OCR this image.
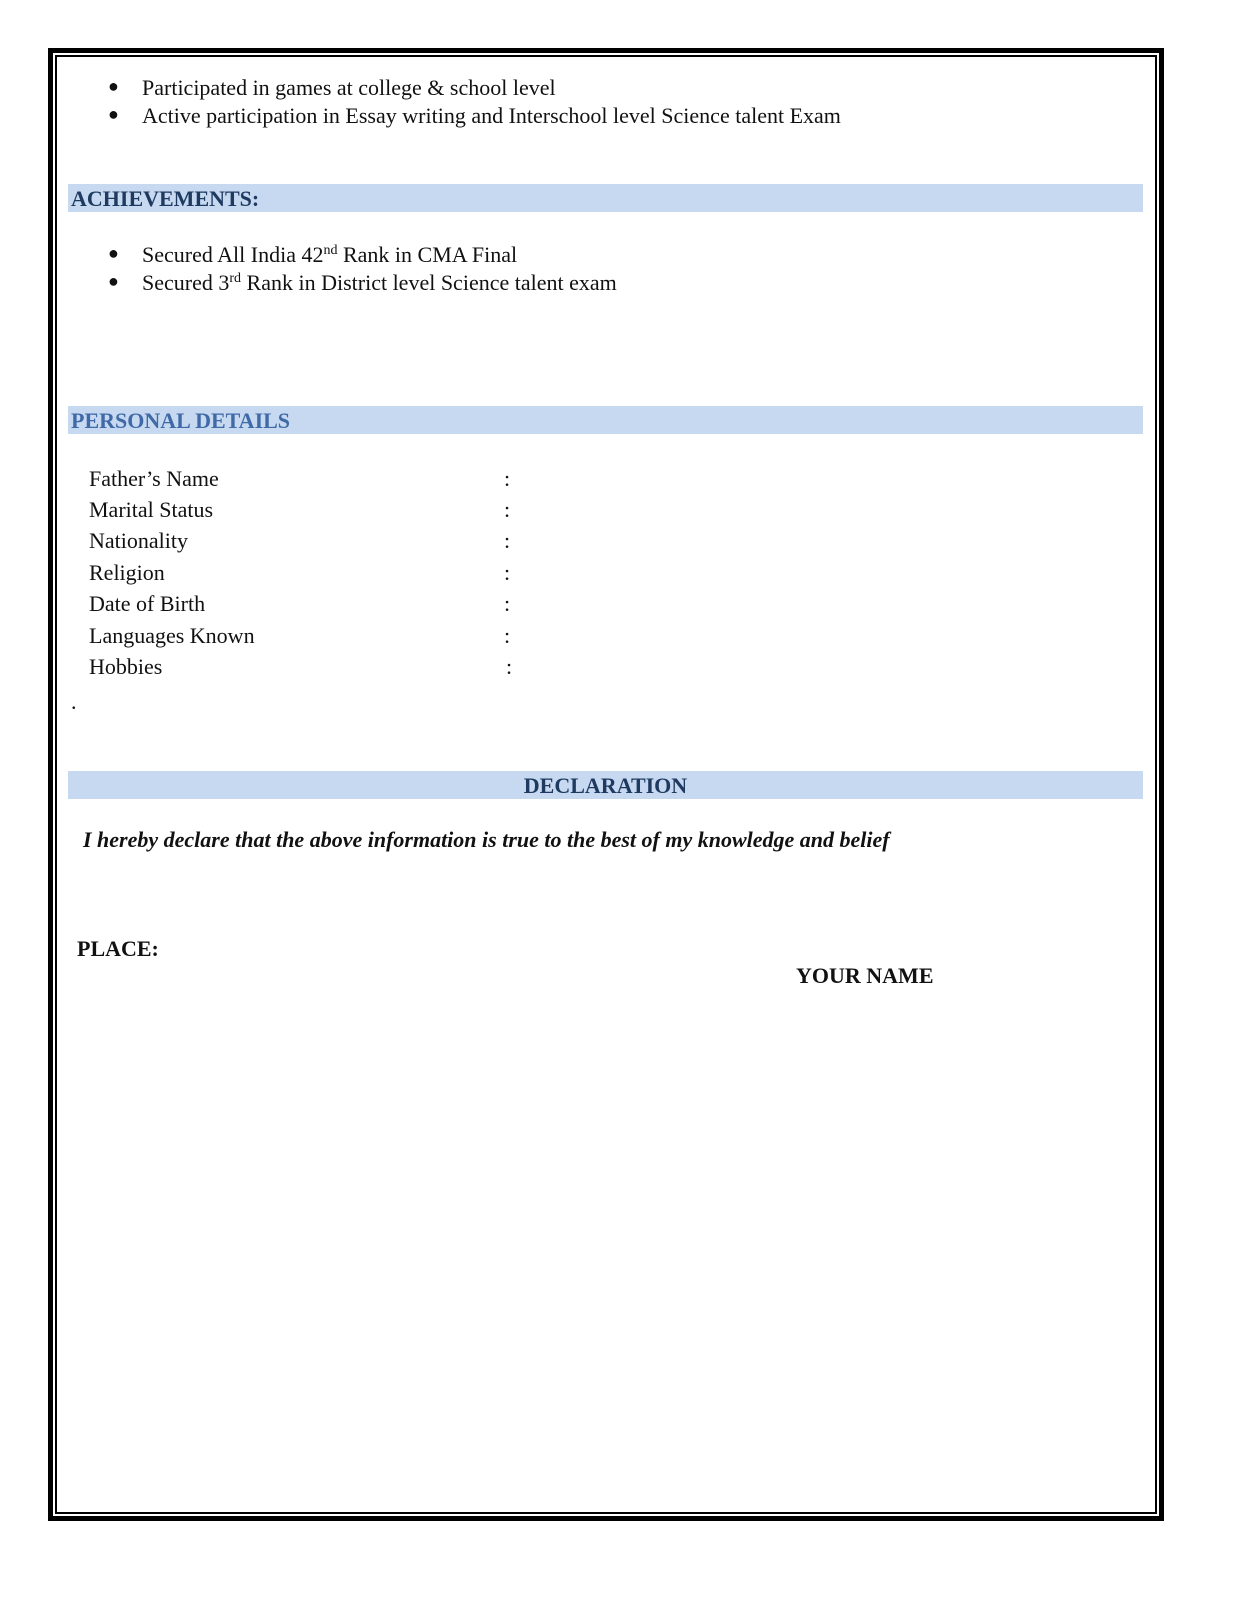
● Participated in games at college & school level
● Active participation in Essay writing and Interschool level Science talent Exam
ACHIEVEMENTS:
● Secured All India 42nd Rank in CMA Final
● Secured 3rd Rank in District level Science talent exam
PERSONAL DETAILS
Father’s Name	:
Marital Status	:
Nationality	:
Religion	:
Date of Birth	:
Languages Known	:
Hobbies	:
.
DECLARATION
I hereby declare that the above information is true to the best of my knowledge and belief
PLACE:
YOUR NAME
